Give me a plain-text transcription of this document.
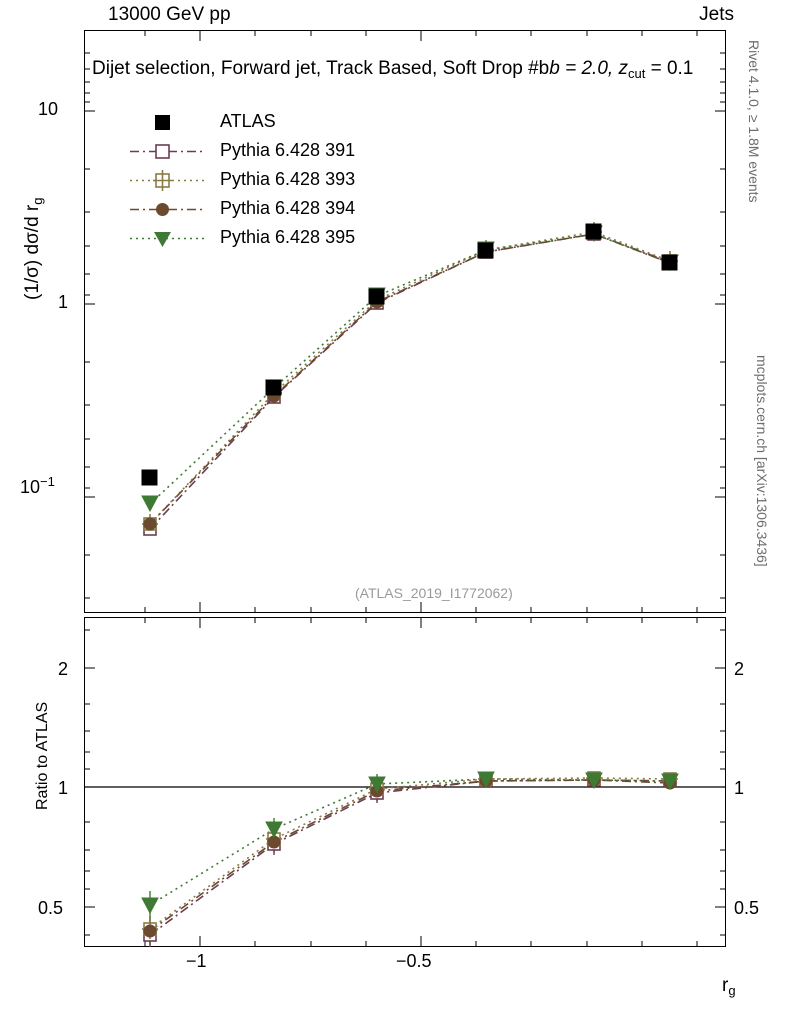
13000 GeV pp	Jets
(1/σ) dσ/d $r_g$
Ratio to ATLAS
$r_g$
Rivet 4.1.0, ≥ 1.8M events
mcplots.cern.ch [arXiv:1306.3436]
10
1
$10^{-1}$
Dijet selection, Forward jet, Track Based, Soft Drop #bb = 2.0, $z_{cut} = 0.1$
(ATLAS_2019_I1772062)
ATLAS
Pythia 6.428 391
Pythia 6.428 393
Pythia 6.428 394
Pythia 6.428 395
2
1
0.5
2
1
0.5
−1	−0.5
